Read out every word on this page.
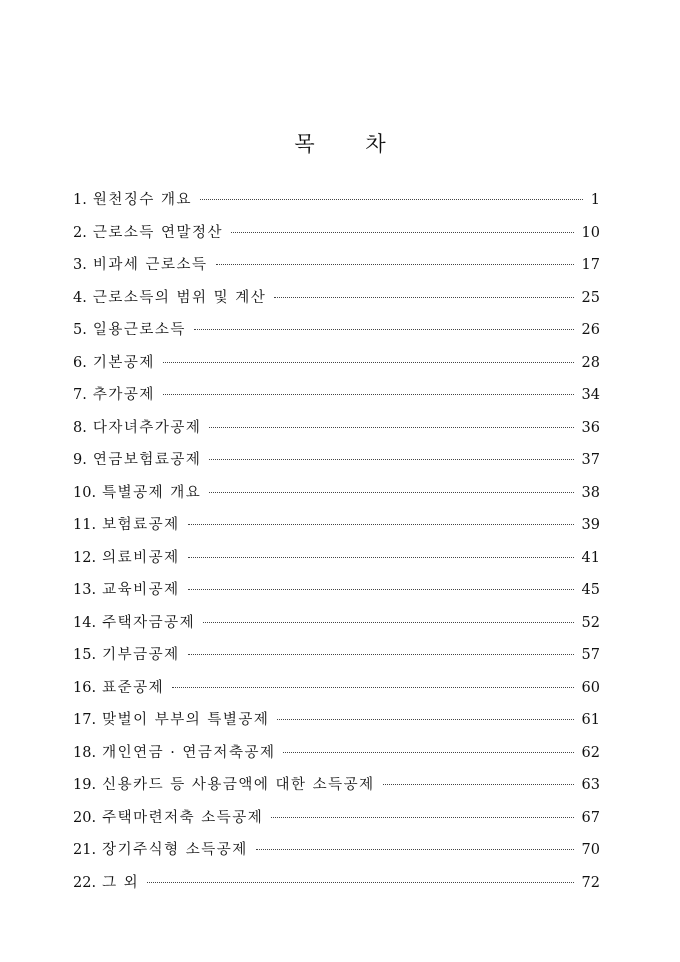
목 차
1. 원천징수 개요	1
2. 근로소득 연말정산	10
3. 비과세 근로소득	17
4. 근로소득의 범위 및 계산	25
5. 일용근로소득	26
6. 기본공제	28
7. 추가공제	34
8. 다자녀추가공제	36
9. 연금보험료공제	37
10. 특별공제 개요	38
11. 보험료공제	39
12. 의료비공제	41
13. 교육비공제	45
14. 주택자금공제	52
15. 기부금공제	57
16. 표준공제	60
17. 맞벌이 부부의 특별공제	61
18. 개인연금 · 연금저축공제	62
19. 신용카드 등 사용금액에 대한 소득공제	63
20. 주택마련저축 소득공제	67
21. 장기주식형 소득공제	70
22. 그 외	72
